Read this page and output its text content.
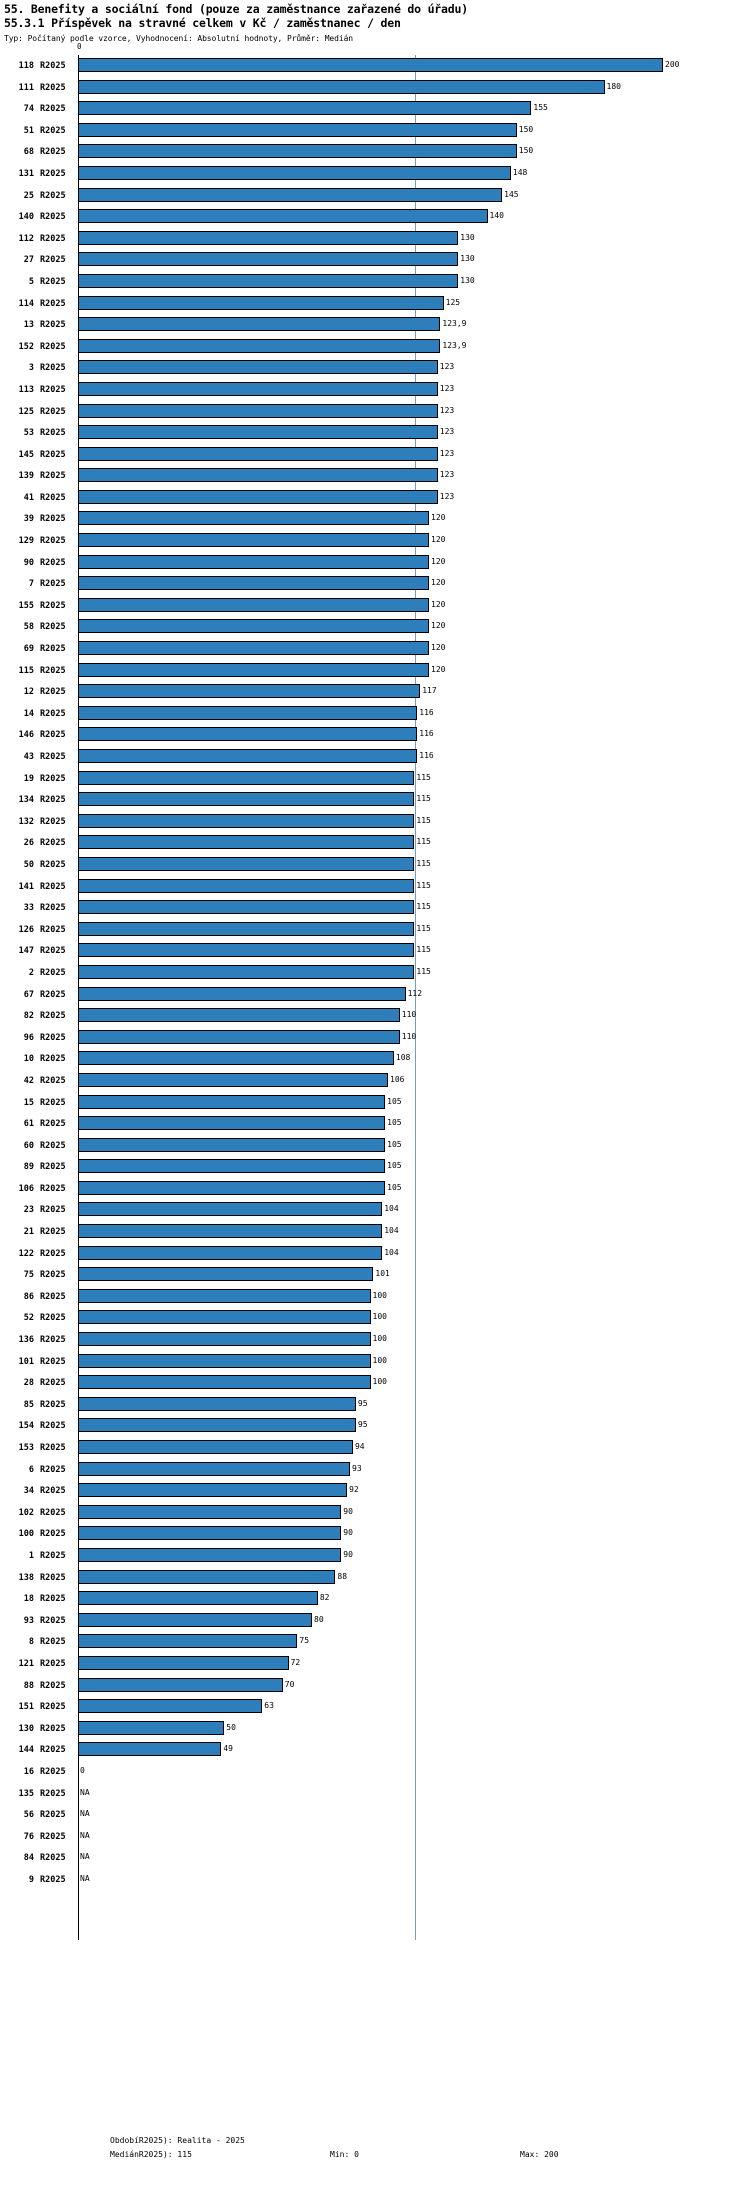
55. Benefity a sociální fond (pouze za zaměstnance zařazené do úřadu)
55.3.1 Příspěvek na stravné celkem v Kč / zaměstnanec / den
Typ: Počítaný podle vzorce, Vyhodnocení: Absolutní hodnoty, Průměr: Medián
0
118 R2025	200
111 R2025	180
74 R2025	155
51 R2025	150
68 R2025	150
131 R2025	148
25 R2025	145
140 R2025	140
112 R2025	130
27 R2025	130
5 R2025	130
114 R2025	125
13 R2025	123,9
152 R2025	123,9
3 R2025	123
113 R2025	123
125 R2025	123
53 R2025	123
145 R2025	123
139 R2025	123
41 R2025	123
39 R2025	120
129 R2025	120
90 R2025	120
7 R2025	120
155 R2025	120
58 R2025	120
69 R2025	120
115 R2025	120
12 R2025	117
14 R2025	116
146 R2025	116
43 R2025	116
19 R2025	115
134 R2025	115
132 R2025	115
26 R2025	115
50 R2025	115
141 R2025	115
33 R2025	115
126 R2025	115
147 R2025	115
2 R2025	115
67 R2025	112
82 R2025	110
96 R2025	110
10 R2025	108
42 R2025	106
15 R2025	105
61 R2025	105
60 R2025	105
89 R2025	105
106 R2025	105
23 R2025	104
21 R2025	104
122 R2025	104
75 R2025	101
86 R2025	100
52 R2025	100
136 R2025	100
101 R2025	100
28 R2025	100
85 R2025	95
154 R2025	95
153 R2025	94
6 R2025	93
34 R2025	92
102 R2025	90
100 R2025	90
1 R2025	90
138 R2025	88
18 R2025	82
93 R2025	80
8 R2025	75
121 R2025	72
88 R2025	70
151 R2025	63
130 R2025	50
144 R2025	49
16 R2025 0
135 R2025 NA
56 R2025 NA
76 R2025 NA
84 R2025 NA
9 R2025 NA
ObdobíR2025): Realita - 2025
MediánR2025): 115	Min: 0	Max: 200
